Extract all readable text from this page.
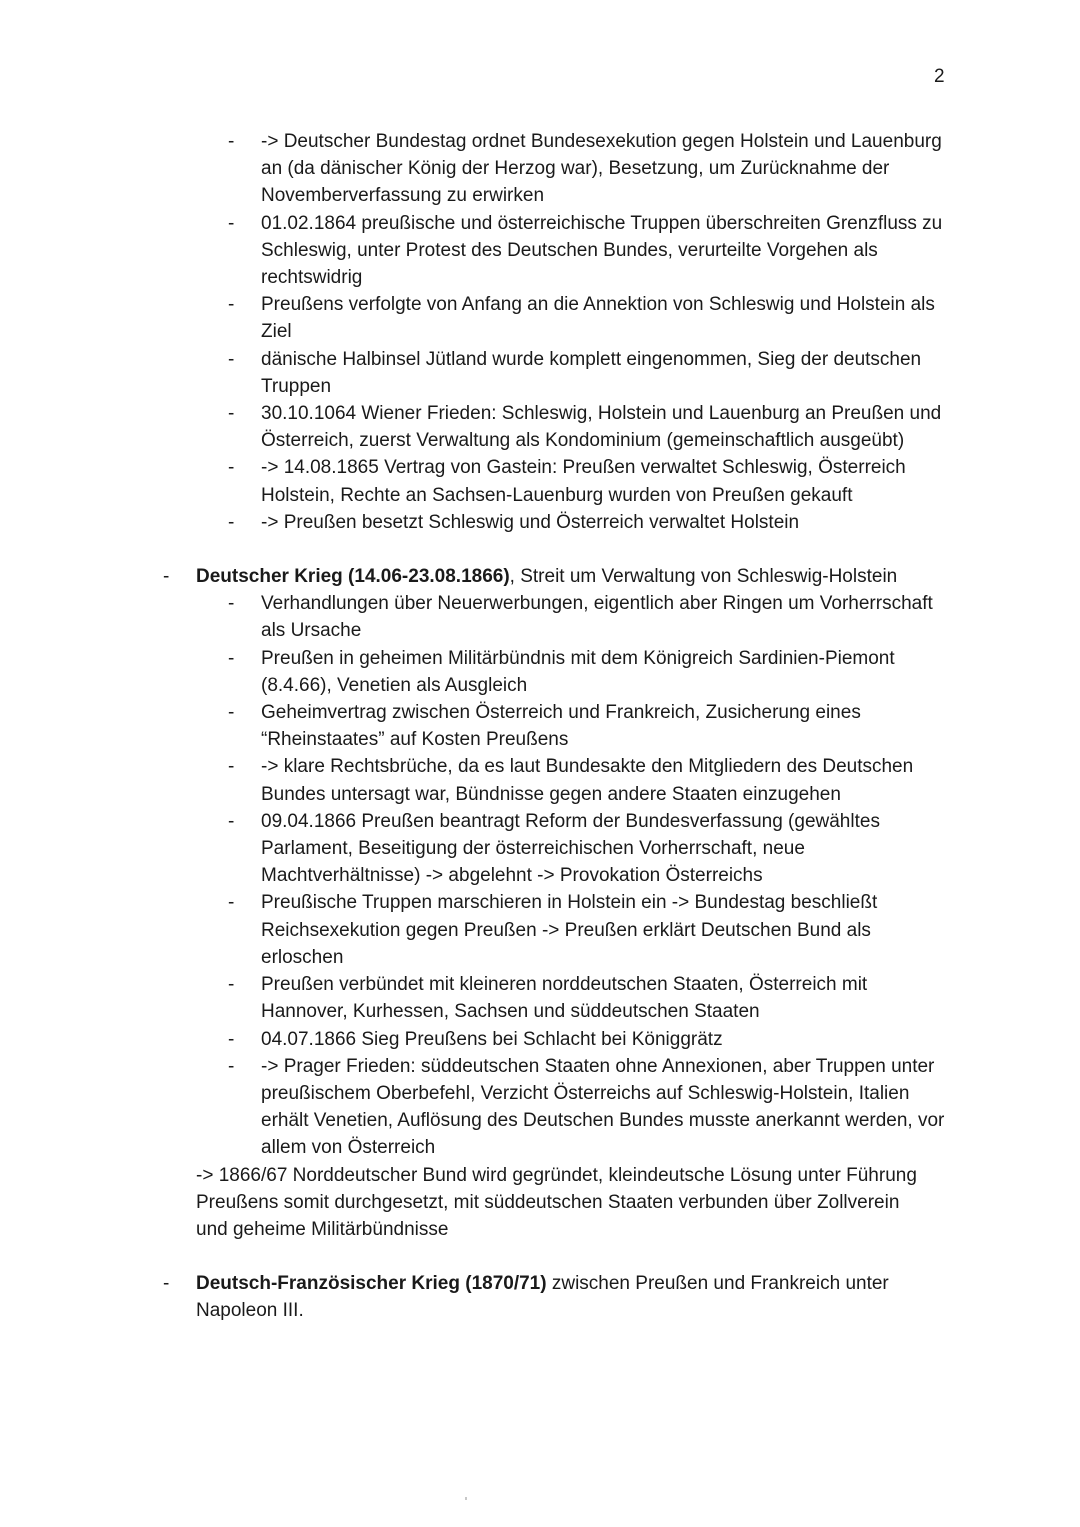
2
- -> Deutscher Bundestag ordnet Bundesexekution gegen Holstein und Lauenburg an (da dänischer König der Herzog war), Besetzung, um Zurücknahme der Novemberverfassung zu erwirken
- 01.02.1864 preußische und österreichische Truppen überschreiten Grenzfluss zu Schleswig, unter Protest des Deutschen Bundes, verurteilte Vorgehen als rechtswidrig
- Preußens verfolgte von Anfang an die Annektion von Schleswig und Holstein als Ziel
- dänische Halbinsel Jütland wurde komplett eingenommen, Sieg der deutschen Truppen
- 30.10.1064 Wiener Frieden: Schleswig, Holstein und Lauenburg an Preußen und Österreich, zuerst Verwaltung als Kondominium (gemeinschaftlich ausgeübt)
- -> 14.08.1865 Vertrag von Gastein: Preußen verwaltet Schleswig, Österreich Holstein, Rechte an Sachsen-Lauenburg wurden von Preußen gekauft
- -> Preußen besetzt Schleswig und Österreich verwaltet Holstein
- Deutscher Krieg (14.06-23.08.1866), Streit um Verwaltung von Schleswig-Holstein
- Verhandlungen über Neuerwerbungen, eigentlich aber Ringen um Vorherrschaft als Ursache
- Preußen in geheimen Militärbündnis mit dem Königreich Sardinien-Piemont (8.4.66), Venetien als Ausgleich
- Geheimvertrag zwischen Österreich und Frankreich, Zusicherung eines “Rheinstaates” auf Kosten Preußens
- -> klare Rechtsbrüche, da es laut Bundesakte den Mitgliedern des Deutschen Bundes untersagt war, Bündnisse gegen andere Staaten einzugehen
- 09.04.1866 Preußen beantragt Reform der Bundesverfassung (gewähltes Parlament, Beseitigung der österreichischen Vorherrschaft, neue Machtverhältnisse) -> abgelehnt -> Provokation Österreichs
- Preußische Truppen marschieren in Holstein ein -> Bundestag beschließt Reichsexekution gegen Preußen -> Preußen erklärt Deutschen Bund als erloschen
- Preußen verbündet mit kleineren norddeutschen Staaten, Österreich mit Hannover, Kurhessen, Sachsen und süddeutschen Staaten
- 04.07.1866 Sieg Preußens bei Schlacht bei Königgrätz
- -> Prager Frieden: süddeutschen Staaten ohne Annexionen, aber Truppen unter preußischem Oberbefehl, Verzicht Österreichs auf Schleswig-Holstein, Italien erhält Venetien, Auflösung des Deutschen Bundes musste anerkannt werden, vor allem von Österreich
-> 1866/67 Norddeutscher Bund wird gegründet, kleindeutsche Lösung unter Führung Preußens somit durchgesetzt, mit süddeutschen Staaten verbunden über Zollverein und geheime Militärbündnisse
- Deutsch-Französischer Krieg (1870/71) zwischen Preußen und Frankreich unter Napoleon III.
